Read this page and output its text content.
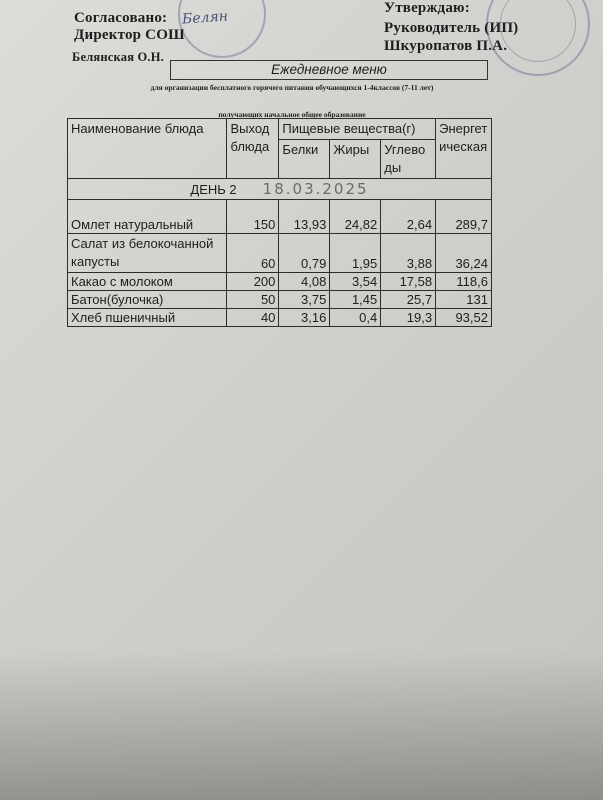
Согласовано: Белян
Директор СОШ
Белянская О.Н.
Утверждаю:
Руководитель (ИП)
Шкуропатов П.А.
Ежедневное меню
для организации бесплатного горячего питания обучающихся 1-4классов (7-11 лет)
получающих начальное общее образование
Наименование блюда	Выход блюда	Пищевые вещества(г)			Энергетическая
		Белки	Жиры	Углеводы	
ДЕНЬ 2 18.03.2025					
Омлет натуральный	150	13,93	24,82	2,64	289,7
Салат из белокочанной капусты	60	0,79	1,95	3,88	36,24
Какао с молоком	200	4,08	3,54	17,58	118,6
Батон(булочка)	50	3,75	1,45	25,7	131
Хлеб пшеничный	40	3,16	0,4	19,3	93,52
